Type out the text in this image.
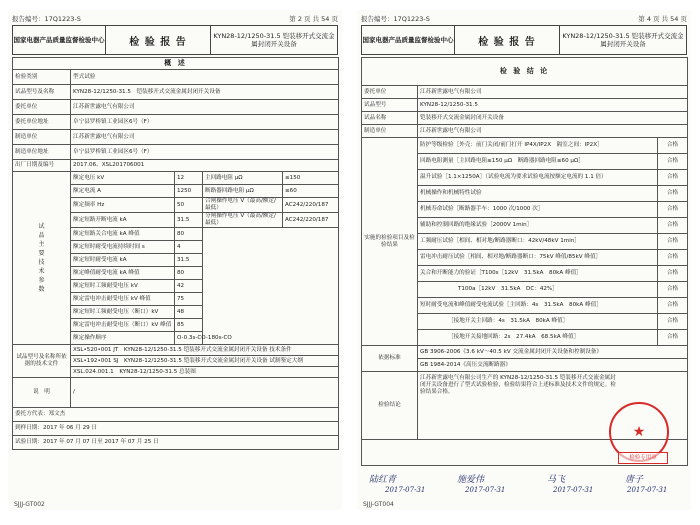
报告编号：17Q1223-S	第 2 页 共 54 页
国家电器产品质量监督检验中心	检 验 报 告
KYN28-12/1250-31.5 铠装移开式交流金属封闭开关设备
概 述				
检验类别	型式试验			
试品型号及名称	KYN28-12/1250-31.5　铠装移开式交流金属封闭开关设备			
委托单位	江苏新世露电气有限公司			
委托单位地址	阜宁县罗桥镇工业园区6号（F）			
制造单位	江苏新世露电气有限公司			
制造单位地址	阜宁县罗桥镇工业园区6号（F）			
出厂日期及编号	2017.06、XSL201706001			
试品主要技术参数	额定电压 kV	12	主回路电阻 μΩ	≤150
	额定电流 A	1250	断路器回路电阻 μΩ	≤60
	额定频率 Hz	50	合闸操作电压 V（最高/额定/最低）	AC242/220/187
	额定短路开断电流 kA	31.5	分闸操作电压 V（最高/额定/最低）	AC242/220/187
	额定短路关合电流 kA 峰值	80		
	额定短时耐受电流持续时间 s	4		
	额定短时耐受电流 kA	31.5		
	额定峰值耐受电流 kA 峰值	80		
	额定短时工频耐受电压 kV	42		
	额定雷电冲击耐受电压 kV 峰值	75		
	额定短时工频耐受电压（断口）kV	48		
	额定雷电冲击耐受电压（断口）kV 峰值	85		
	额定操作顺序	O-0.3s-CO-180s-CO		
试品型号及名称所依据的技术文件	XSL•520•001 JT　KYN28-12/1250-31.5 铠装移开式交流金属封闭开关设备 技术条件			
	XSL•192•001 SJ　KYN28-12/1250-31.5 铠装移开式交流金属封闭开关设备 试制鉴定大纲			
	XSL.024.001.1　KYN28-12/1250-31.5 总装图			
说　明	/			
委托方代表：郑文杰				
到样日期：2017 年 06 月 29 日				
试验日期：2017 年 07 月 07 日至 2017 年 07 月 25 日				
SJJJ-GT002
报告编号：17Q1223-S	第 4 页 共 54 页
国家电器产品质量监督检验中心	检 验 报 告
KYN28-12/1250-31.5 铠装移开式交流金属封闭开关设备
检 验 结 论		
委托单位	江苏新世露电气有限公司	
试品型号	KYN28-12/1250-31.5	
试品名称	铠装移开式交流金属封闭开关设备	
制造单位	江苏新世露电气有限公司	
实施的检验项目及检验结果	防护等级检验［外壳：前门关闭/前门打开 IP4X/IP2X　隔室之间：IP2X］	合格
	回路电阻测量［主回路电阻≤150 μΩ　断路器回路电阻≤60 μΩ］	合格
	温升试验［1.1×1250A］（试验电流为要求试验电流按额定电流的 1.1 倍）	合格
	机械操作和机械特性试验	合格
	机械寿命试验［断路器手车：1000 次/1000 次］	合格
	辅助和控制回路的绝缘试验［2000V 1min］	合格
	工频耐压试验［相间、相对地/断路器断口：42kV/48kV 1min］	合格
	雷电冲击耐压试验［相间、相对地/断路器断口：75kV 峰值/85kV 峰值］	合格
	关合和开断能力的验证［T100s［12kV　31.5kA　80kA 峰值］	合格
	T100a［12kV　31.5kA　DC：42%］	合格
	短时耐受电流和峰值耐受电流试验［主回路：4s　31.5kA　80kA 峰值］	合格
	［接地开关主回路：4s　31.5kA　80kA 峰值］	合格
	［接地开关接地回路：2s　27.4kA　68.5kA 峰值］	合格
依据标准	GB 3906-2006《3.6 kV～40.5 kV 交流金属封闭开关设备和控制设备》	
	GB 1984-2014《高压交流断路器》	
检验结论	江苏新世露电气有限公司生产的 KYN28-12/1250-31.5 铠装移开式交流金属封闭开关设备进行了型式试验检验，检验结果符合上述标准及技术文件的规定。检验结果合格。	

★
检验专用章
陆红青	施爱伟	马飞	唐子
2017-07-31	2017-07-31	2017-07-31	2017-07-31
SJJJ-GT004
